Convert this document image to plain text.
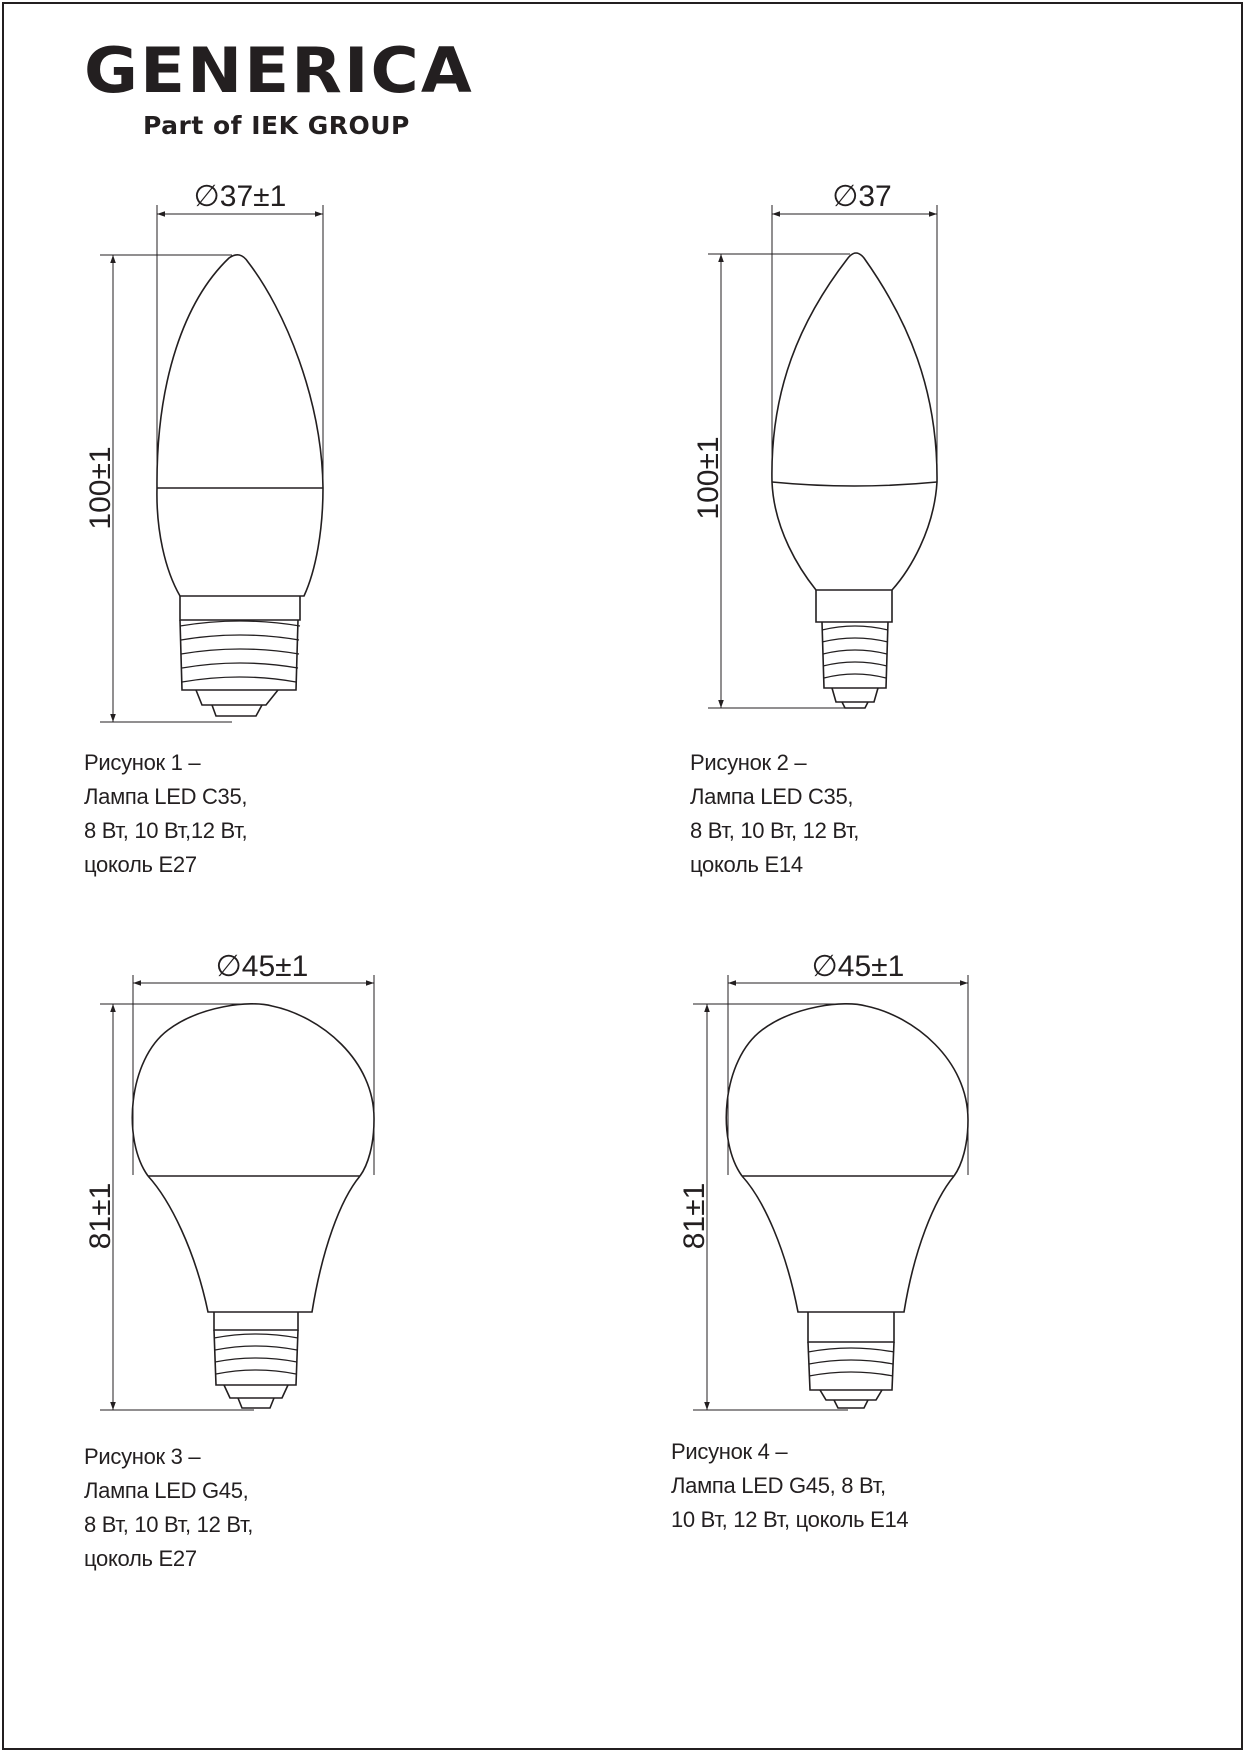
GENERICA
Part of IEK GROUP
∅37±1
100±1
∅37
100±1
∅45±1
81±1
∅45±1
81±1
Рисунок 1 –
Лампа LED C35,
8 Вт, 10 Вт,12 Вт,
цоколь E27
Рисунок 2 –
Лампа LED C35,
8 Вт, 10 Вт, 12 Вт,
цоколь E14
Рисунок 3 –
Лампа LED G45,
8 Вт, 10 Вт, 12 Вт,
цоколь E27
Рисунок 4 –
Лампа LED G45, 8 Вт,
10 Вт, 12 Вт, цоколь E14
